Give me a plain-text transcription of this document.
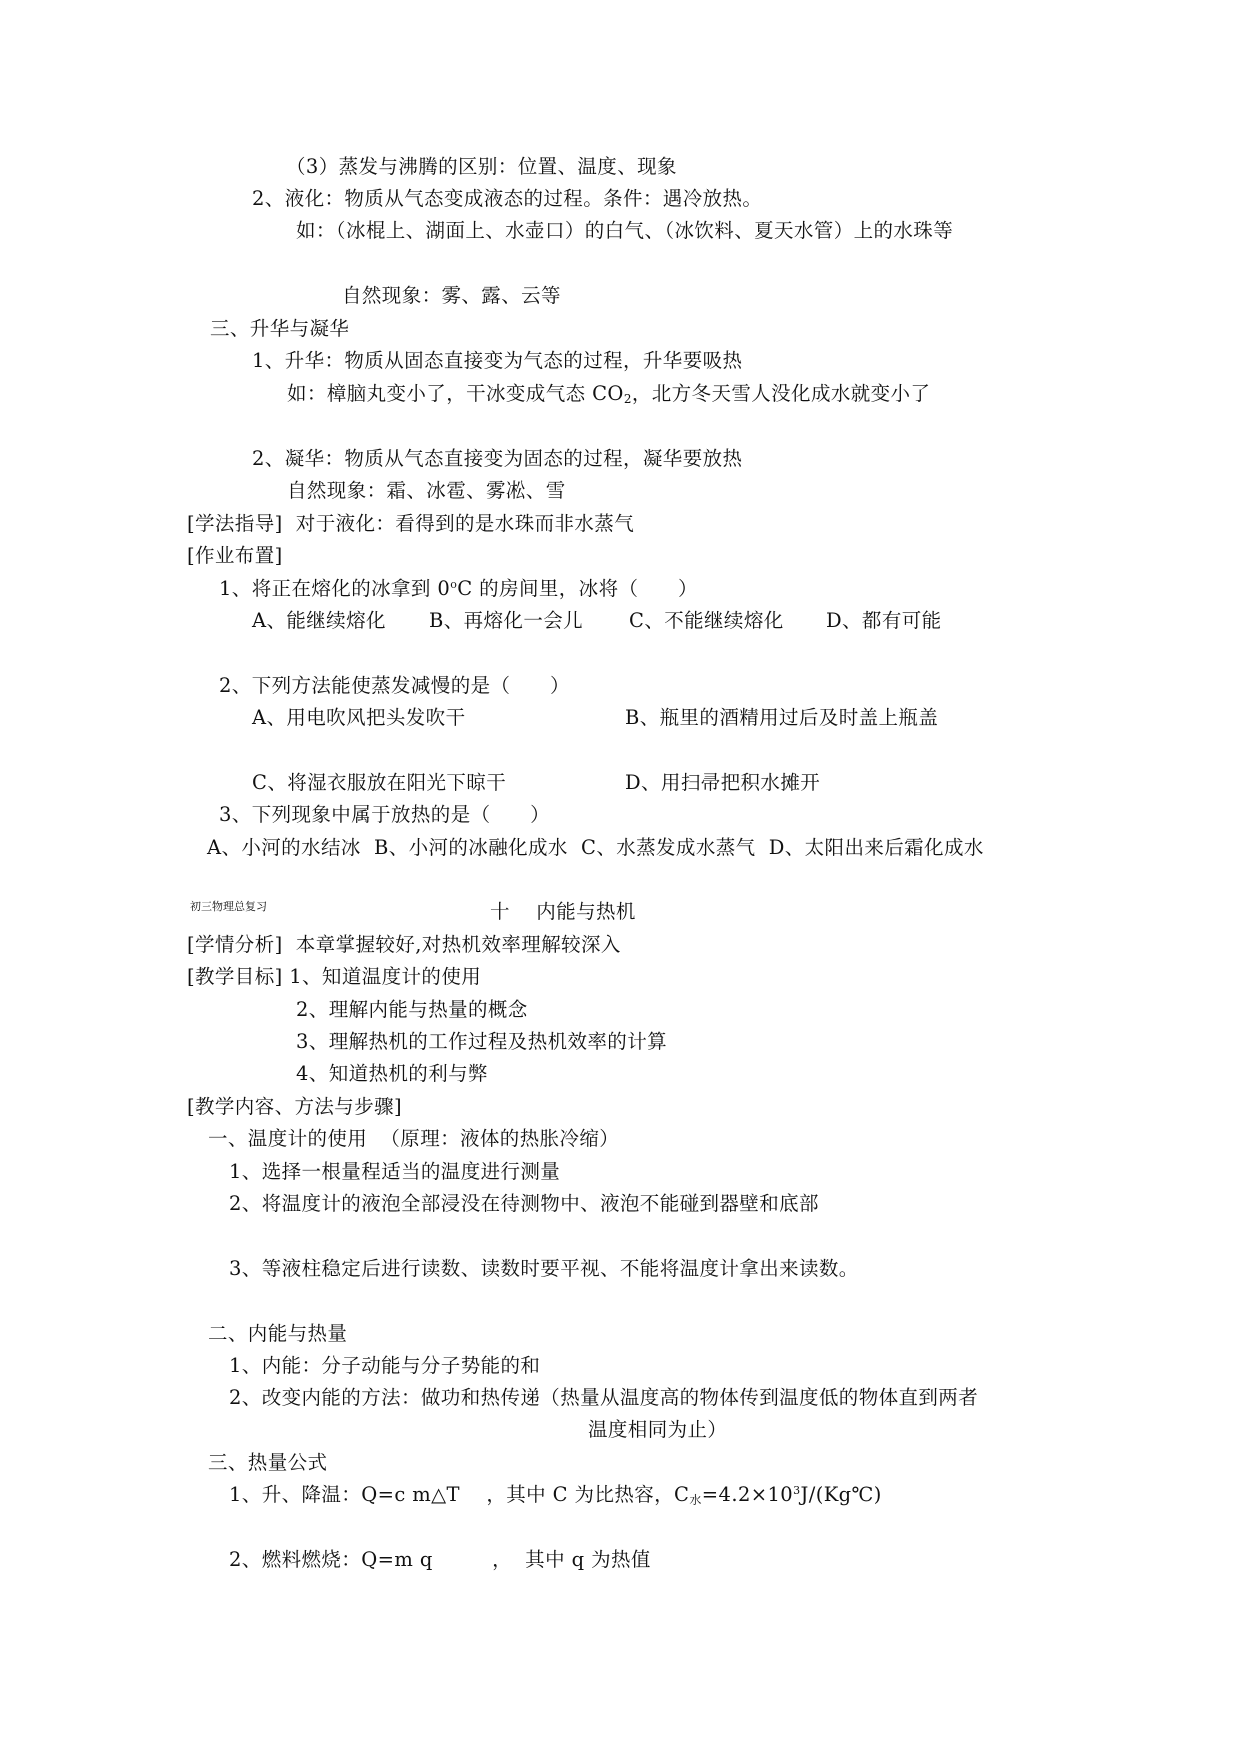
（3）蒸发与沸腾的区别：位置、温度、现象
2、液化：物质从气态变成液态的过程。条件：遇冷放热。
如：（冰棍上、湖面上、水壶口）的白气、（冰饮料、夏天水管）上的水珠等
自然现象：雾、露、云等
三、升华与凝华
1、升华：物质从固态直接变为气态的过程，升华要吸热
如：樟脑丸变小了，干冰变成气态 $CO_2$，北方冬天雪人没化成水就变小了
2、凝华：物质从气态直接变为固态的过程，凝华要放热
自然现象：霜、冰雹、雾凇、雪
[学法指导]  对于液化：看得到的是水珠而非水蒸气
[作业布置]
1、将正在熔化的冰拿到 0$^o$C 的房间里，冰将（      ）
A、能继续熔化 B、再熔化一会儿 C、不能继续熔化 D、都有可能
2、下列方法能使蒸发减慢的是（      ）
A、用电吹风把头发吹干	B、瓶里的酒精用过后及时盖上瓶盖
C、将湿衣服放在阳光下晾干	D、用扫帚把积水摊开
3、下列现象中属于放热的是（      ）
A、小河的水结冰  B、小河的冰融化成水  C、水蒸发成水蒸气  D、太阳出来后霜化成水
初三物理总复习	十    内能与热机
[学情分析]  本章掌握较好,对热机效率理解较深入
[教学目标] 1、知道温度计的使用
2、理解内能与热量的概念
3、理解热机的工作过程及热机效率的计算
4、知道热机的利与弊
[教学内容、方法与步骤]
一、温度计的使用  （原理：液体的热胀冷缩）
1、选择一根量程适当的温度进行测量
2、将温度计的液泡全部浸没在待测物中、液泡不能碰到器壁和底部
3、等液柱稳定后进行读数、读数时要平视、不能将温度计拿出来读数。
二、内能与热量
1、内能：分子动能与分子势能的和
2、改变内能的方法：做功和热传递（热量从温度高的物体传到温度低的物体直到两者
温度相同为止）
三、热量公式
1、升、降温：Q=c m△T    ，其中 C 为比热容，$C_水=4.2\times 10^3J/(Kg℃)$
2、燃料燃烧：Q=m q         ，  其中 q 为热值
